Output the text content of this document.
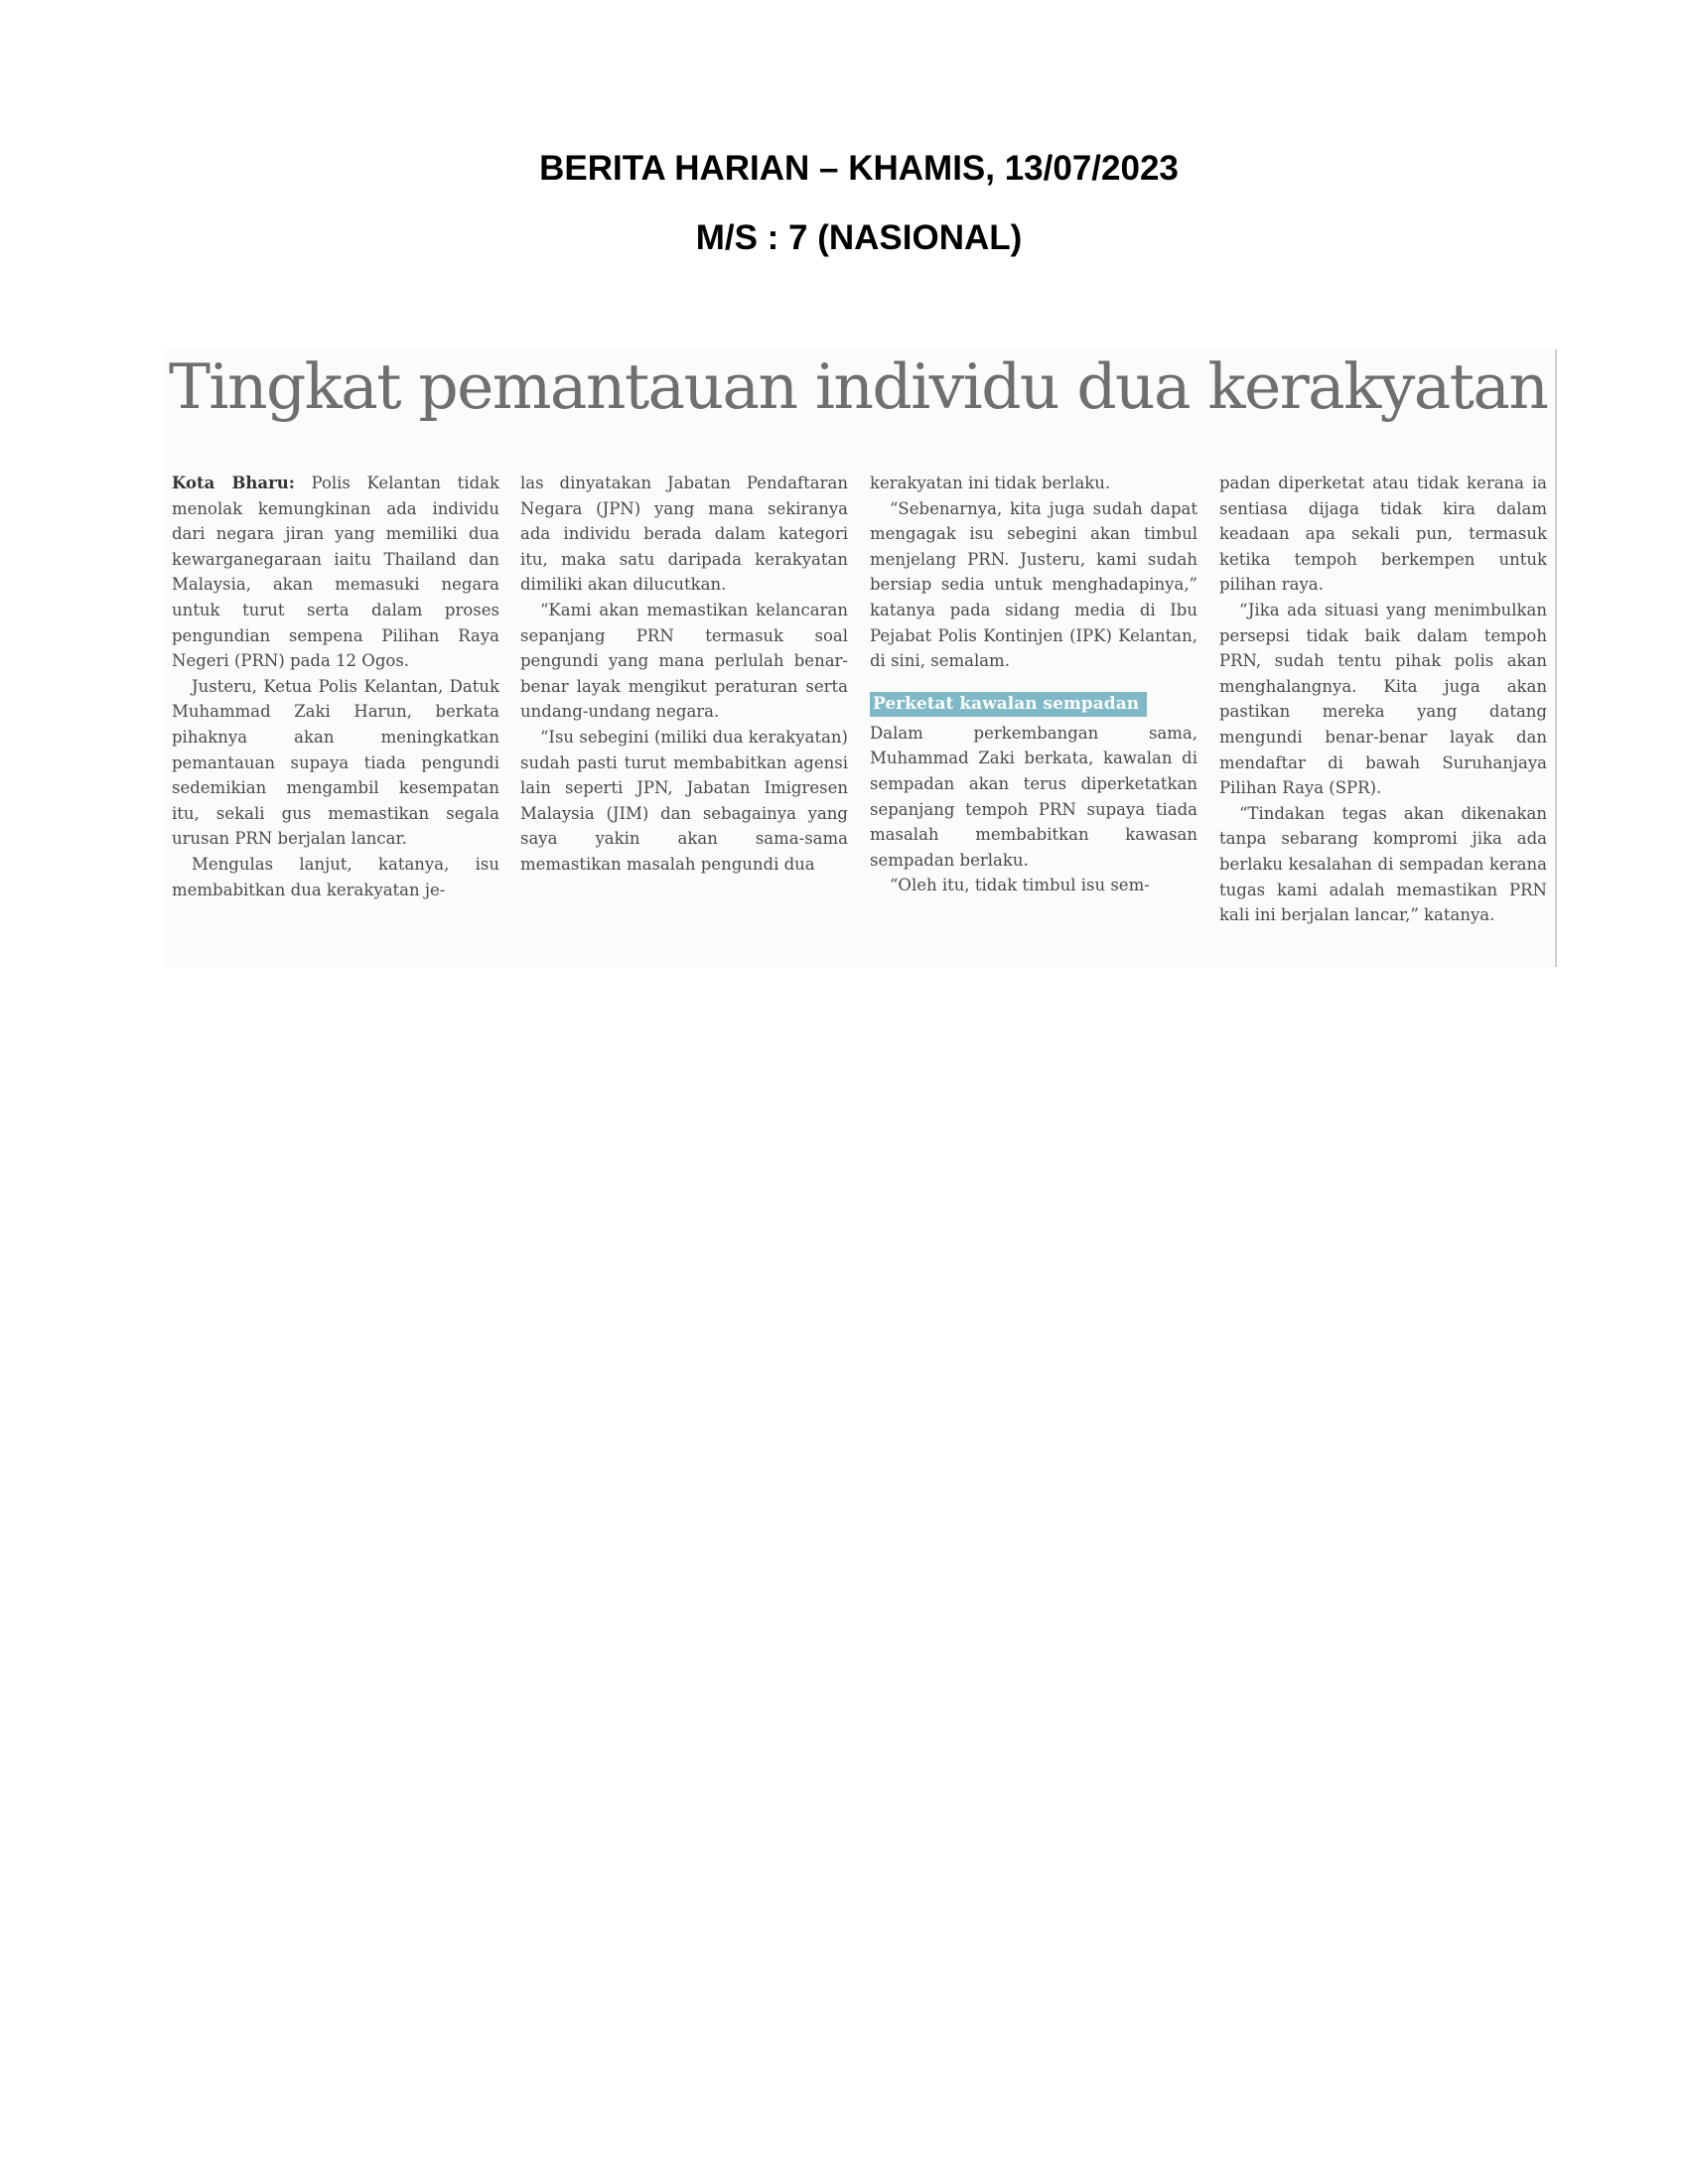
BERITA HARIAN – KHAMIS, 13/07/2023
M/S : 7 (NASIONAL)
Tingkat pemantauan individu dua kerakyatan

Kota Bharu: Polis Kelantan tidak menolak kemungkinan ada individu dari negara jiran yang memiliki dua kewarganegaraan iaitu Thailand dan Malaysia, akan memasuki negara untuk turut serta dalam proses pengundian sempena Pilihan Raya Negeri (PRN) pada 12 Ogos.

Justeru, Ketua Polis Kelantan, Datuk Muhammad Zaki Harun, berkata pihaknya akan meningkatkan pemantauan supaya tiada pengundi sedemikian mengambil kesempatan itu, sekali gus memastikan segala urusan PRN berjalan lancar.

Mengulas lanjut, katanya, isu membabitkan dua kerakyatan je-

las dinyatakan Jabatan Pendaftaran Negara (JPN) yang mana sekiranya ada individu berada dalam kategori itu, maka satu daripada kerakyatan dimiliki akan dilucutkan.

“Kami akan memastikan kelancaran sepanjang PRN termasuk soal pengundi yang mana perlulah benar-benar layak mengikut peraturan serta undang-undang negara.

“Isu sebegini (miliki dua kerakyatan) sudah pasti turut membabitkan agensi lain seperti JPN, Jabatan Imigresen Malaysia (JIM) dan sebagainya yang saya yakin akan sama-sama memastikan masalah pengundi dua

kerakyatan ini tidak berlaku.

“Sebenarnya, kita juga sudah dapat mengagak isu sebegini akan timbul menjelang PRN. Justeru, kami sudah bersiap sedia untuk menghadapinya,” katanya pada sidang media di Ibu Pejabat Polis Kontinjen (IPK) Kelantan, di sini, semalam.

Perketat kawalan sempadan

Dalam perkembangan sama, Muhammad Zaki berkata, kawalan di sempadan akan terus diperketatkan sepanjang tempoh PRN supaya tiada masalah membabitkan kawasan sempadan berlaku.

“Oleh itu, tidak timbul isu sem-

padan diperketat atau tidak kerana ia sentiasa dijaga tidak kira dalam keadaan apa sekali pun, termasuk ketika tempoh berkempen untuk pilihan raya.

“Jika ada situasi yang menimbulkan persepsi tidak baik dalam tempoh PRN, sudah tentu pihak polis akan menghalangnya. Kita juga akan pastikan mereka yang datang mengundi benar-benar layak dan mendaftar di bawah Suruhanjaya Pilihan Raya (SPR).

“Tindakan tegas akan dikenakan tanpa sebarang kompromi jika ada berlaku kesalahan di sempadan kerana tugas kami adalah memastikan PRN kali ini berjalan lancar,” katanya.
